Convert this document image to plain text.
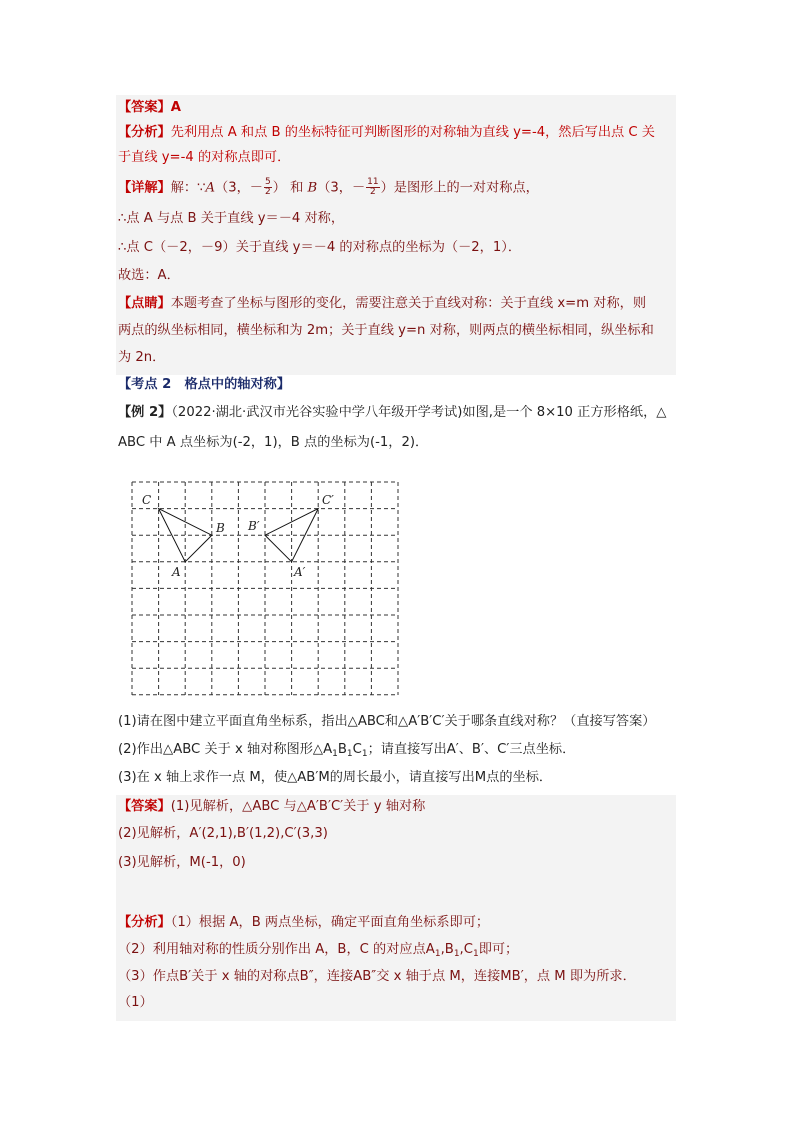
【答案】A
【分析】先利用点 A 和点 B 的坐标特征可判断图形的对称轴为直线 y=-4，然后写出点 C 关
于直线 y=-4 的对称点即可．
【详解】解：∵A（3，－ $\frac{5}{2}$ ） 和 B（3，－ $\frac{11}{2}$ ）是图形上的一对对称点，
∴点 A 与点 B 关于直线 y＝－4 对称，
∴点 C（－2，－9）关于直线 y＝－4 的对称点的坐标为（－2，1）．
故选：A．
【点睛】本题考查了坐标与图形的变化，需要注意关于直线对称：关于直线 x=m 对称，则
两点的纵坐标相同，横坐标和为 2m；关于直线 y=n 对称，则两点的横坐标相同，纵坐标和
为 2n．
【考点 2　格点中的轴对称】
【例 2】（2022·湖北·武汉市光谷实验中学八年级开学考试)如图,是一个 8×10 正方形格纸，△
ABC 中 A 点坐标为(-2，1)，B 点的坐标为(-1，2)．
C
B
A
C′
B′
A′
(1)请在图中建立平面直角坐标系，指出△ABC和△A′B′C′关于哪条直线对称？（直接写答案）
(2)作出△ABC 关于 x 轴对称图形$\triangle A_1B_1C_1$；请直接写出A′、B′、C′三点坐标．
(3)在 x 轴上求作一点 M，使△AB′M的周长最小，请直接写出M点的坐标．
【答案】(1)见解析，△ABC 与△A′B′C′关于 y 轴对称
(2)见解析，A′(2,1),B′(1,2),C′(3,3)
(3)见解析，M(-1，0)
【分析】（1）根据 A，B 两点坐标，确定平面直角坐标系即可；
（2）利用轴对称的性质分别作出 A，B，C 的对应点$A_1,B_1,C_1$即可；
（3）作点B′关于 x 轴的对称点B″，连接AB″交 x 轴于点 M，连接MB′，点 M 即为所求．
（1）
